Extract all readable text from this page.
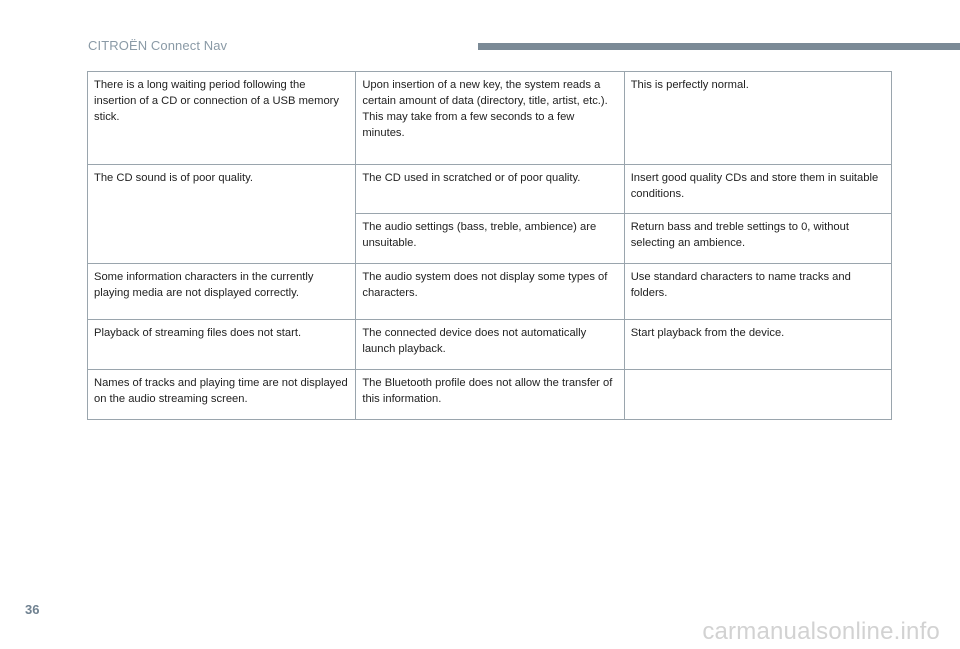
CITROËN Connect Nav
There is a long waiting period following the insertion of a CD or connection of a USB memory stick.	Upon insertion of a new key, the system reads a certain amount of data (directory, title, artist, etc.). This may take from a few seconds to a few minutes.	This is perfectly normal.
The CD sound is of poor quality.	The CD used in scratched or of poor quality.	Insert good quality CDs and store them in suitable conditions.
	The audio settings (bass, treble, ambience) are unsuitable.	Return bass and treble settings to 0, without selecting an ambience.
Some information characters in the currently playing media are not displayed correctly.	The audio system does not display some types of characters.	Use standard characters to name tracks and folders.
Playback of streaming files does not start.	The connected device does not automatically launch playback.	Start playback from the device.
Names of tracks and playing time are not displayed on the audio streaming screen.	The Bluetooth profile does not allow the transfer of this information.	
36
carmanualsonline.info
